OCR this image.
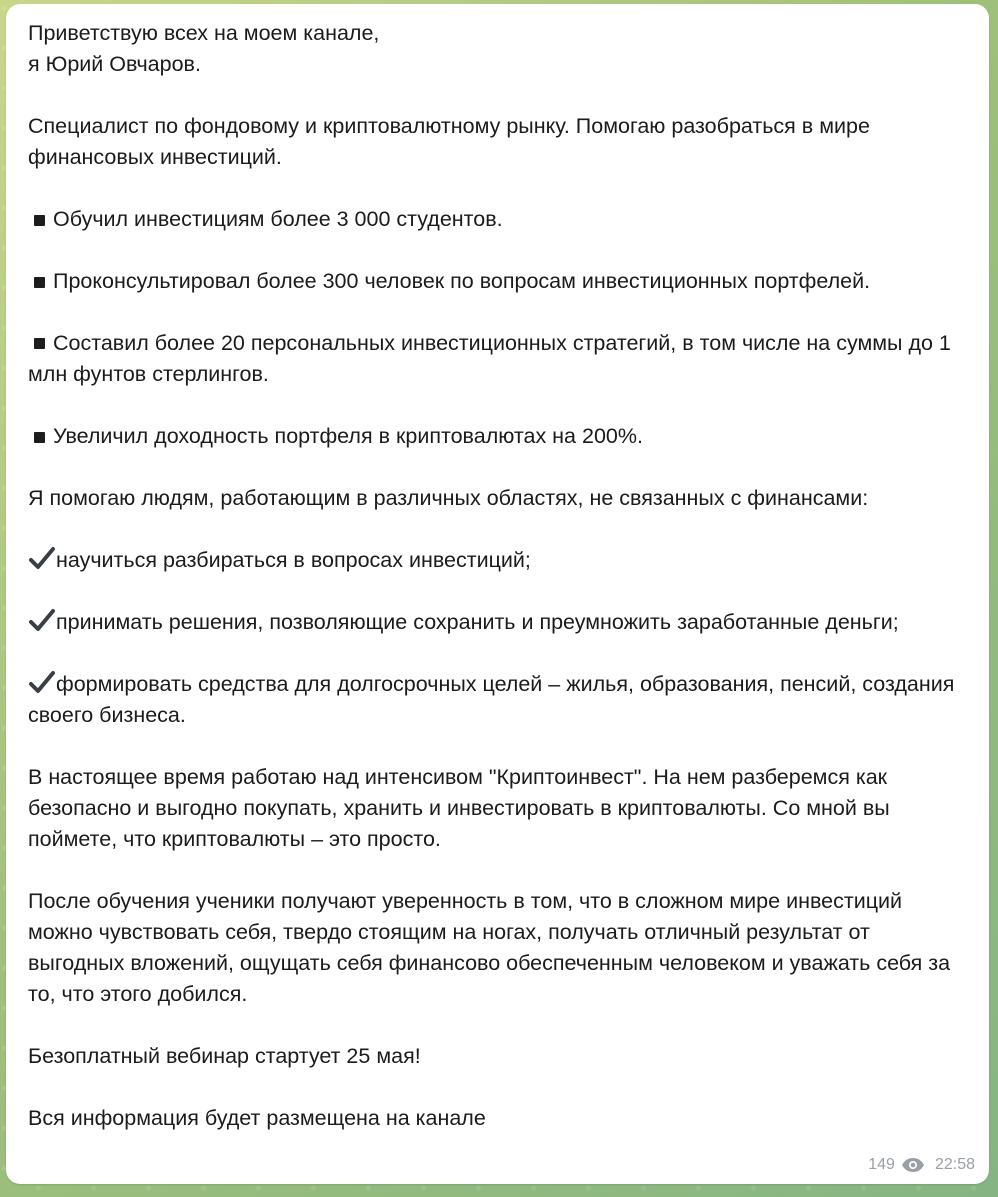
Приветствую всех на моем канале,
я Юрий Овчаров.
Специалист по фондовому и криптовалютному рынку. Помогаю разобраться в мире финансовых инвестиций.
Обучил инвестициям более 3 000 студентов.
Проконсультировал более 300 человек по вопросам инвестиционных портфелей.
Составил более 20 персональных инвестиционных стратегий, в том числе на суммы до 1 млн фунтов стерлингов.
Увеличил доходность портфеля в криптовалютах на 200%.
Я помогаю людям, работающим в различных областях, не связанных с финансами:
научиться разбираться в вопросах инвестиций;
принимать решения, позволяющие сохранить и преумножить заработанные деньги;
формировать средства для долгосрочных целей – жилья, образования, пенсий, создания своего бизнеса.
В настоящее время работаю над интенсивом "Криптоинвест". На нем разберемся как безопасно и выгодно покупать, хранить и инвестировать в криптовалюты. Со мной вы поймете, что криптовалюты – это просто.
После обучения ученики получают уверенность в том, что в сложном мире инвестиций можно чувствовать себя, твердо стоящим на ногах, получать отличный результат от выгодных вложений, ощущать себя финансово обеспеченным человеком и уважать себя за то, что этого добился.
Безоплатный вебинар стартует 25 мая!
Вся информация будет размещена на канале
149	22:58
